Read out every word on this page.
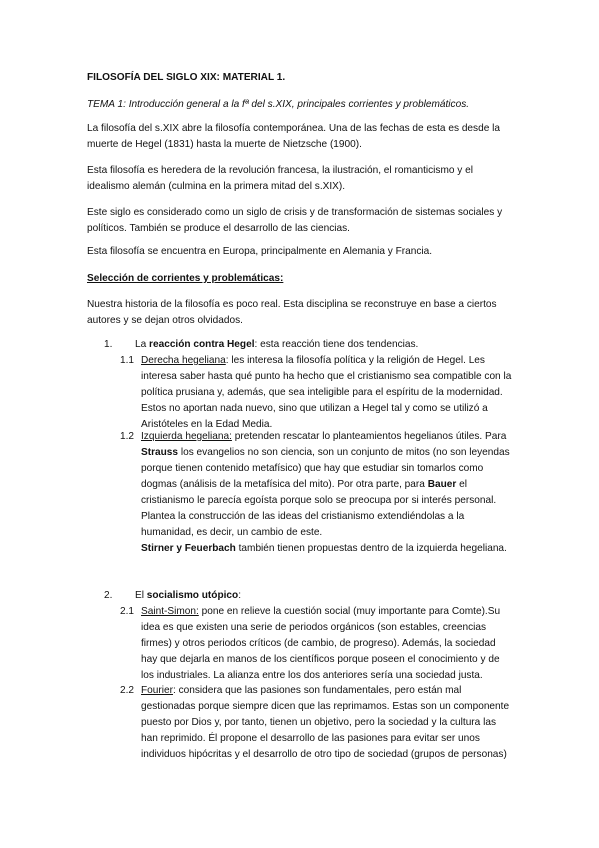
FILOSOFÍA DEL SIGLO XIX: MATERIAL 1.
TEMA 1: Introducción general a la fª del s.XIX, principales corrientes y problemáticos.
La filosofía del s.XIX abre la filosofía contemporánea. Una de las fechas de esta es desde la
muerte de Hegel (1831) hasta la muerte de Nietzsche (1900).
Esta filosofía es heredera de la revolución francesa, la ilustración, el romanticismo y el
idealismo alemán (culmina en la primera mitad del s.XIX).
Este siglo es considerado como un siglo de crisis y de transformación de sistemas sociales y
políticos. También se produce el desarrollo de las ciencias.
Esta filosofía se encuentra en Europa, principalmente en Alemania y Francia.
Selección de corrientes y problemáticas:
Nuestra historia de la filosofía es poco real. Esta disciplina se reconstruye en base a ciertos
autores y se dejan otros olvidados.
1. La reacción contra Hegel: esta reacción tiene dos tendencias.
1.1 Derecha hegeliana: les interesa la filosofía política y la religión de Hegel. Les
interesa saber hasta qué punto ha hecho que el cristianismo sea compatible con la
política prusiana y, además, que sea inteligible para el espíritu de la modernidad.
Estos no aportan nada nuevo, sino que utilizan a Hegel tal y como se utilizó a
Aristóteles en la Edad Media.
1.2 Izquierda hegeliana: pretenden rescatar lo planteamientos hegelianos útiles. Para
Strauss los evangelios no son ciencia, son un conjunto de mitos (no son leyendas
porque tienen contenido metafísico) que hay que estudiar sin tomarlos como
dogmas (análisis de la metafísica del mito). Por otra parte, para Bauer el
cristianismo le parecía egoísta porque solo se preocupa por si interés personal.
Plantea la construcción de las ideas del cristianismo extendiéndolas a la
humanidad, es decir, un cambio de este.
Stirner y Feuerbach también tienen propuestas dentro de la izquierda hegeliana.
2. El socialismo utópico:
2.1 Saint-Simon: pone en relieve la cuestión social (muy importante para Comte).Su
idea es que existen una serie de periodos orgánicos (son estables, creencias
firmes) y otros periodos críticos (de cambio, de progreso). Además, la sociedad
hay que dejarla en manos de los científicos porque poseen el conocimiento y de
los industriales. La alianza entre los dos anteriores sería una sociedad justa.
2.2 Fourier: considera que las pasiones son fundamentales, pero están mal
gestionadas porque siempre dicen que las reprimamos. Estas son un componente
puesto por Dios y, por tanto, tienen un objetivo, pero la sociedad y la cultura las
han reprimido. Él propone el desarrollo de las pasiones para evitar ser unos
individuos hipócritas y el desarrollo de otro tipo de sociedad (grupos de personas)
